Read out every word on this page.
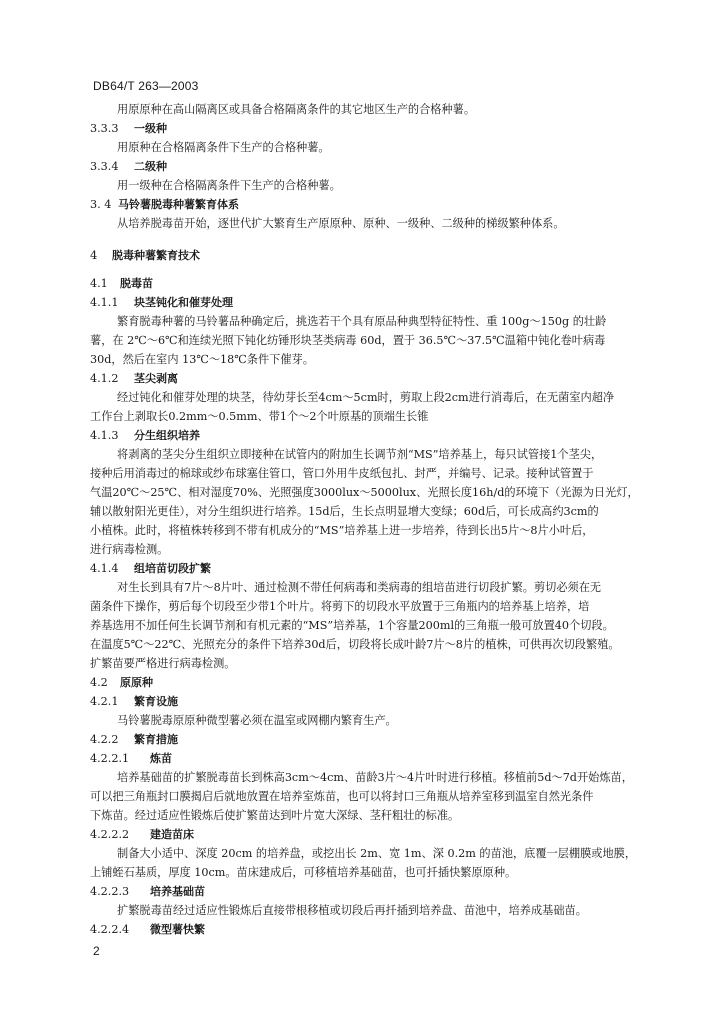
DB64/T 263—2003
用原原种在高山隔离区或具备合格隔离条件的其它地区生产的合格种薯。
3.3.3 一级种
用原种在合格隔离条件下生产的合格种薯。
3.3.4 二级种
用一级种在合格隔离条件下生产的合格种薯。
3. 4 马铃薯脱毒种薯繁育体系
从培养脱毒苗开始，逐世代扩大繁育生产原原种、原种、一级种、二级种的梯级繁种体系。
4 脱毒种薯繁育技术
4.1 脱毒苗
4.1.1 块茎钝化和催芽处理
繁育脱毒种薯的马铃薯品种确定后，挑选若干个具有原品种典型特征特性、重 100g～150g 的壮龄
薯，在 2℃～6℃和连续光照下钝化纺锤形块茎类病毒 60d，置于 36.5℃～37.5℃温箱中钝化卷叶病毒
30d，然后在室内 13℃～18℃条件下催芽。
4.1.2 茎尖剥离
经过钝化和催芽处理的块茎，待幼芽长至4cm～5cm时，剪取上段2cm进行消毒后，在无菌室内超净
工作台上剥取长0.2mm～0.5mm、带1个～2个叶原基的顶端生长锥
4.1.3 分生组织培养
将剥离的茎尖分生组织立即接种在试管内的附加生长调节剂“MS”培养基上，每只试管接1个茎尖，
接种后用消毒过的棉球或纱布球塞住管口，管口外用牛皮纸包扎、封严，并编号、记录。接种试管置于
气温20℃～25℃、相对湿度70%、光照强度3000lux～5000lux、光照长度16h/d的环境下（光源为日光灯，
辅以散射阳光更佳），对分生组织进行培养。15d后，生长点明显增大变绿；60d后，可长成高约3cm的
小植株。此时，将植株转移到不带有机成分的“MS”培养基上进一步培养，待到长出5片～8片小叶后，
进行病毒检测。
4.1.4 组培苗切段扩繁
对生长到具有7片～8片叶、通过检测不带任何病毒和类病毒的组培苗进行切段扩繁。剪切必须在无
菌条件下操作，剪后每个切段至少带1个叶片。将剪下的切段水平放置于三角瓶内的培养基上培养，培
养基选用不加任何生长调节剂和有机元素的“MS”培养基，1个容量200ml的三角瓶一般可放置40个切段。
在温度5℃～22℃、光照充分的条件下培养30d后，切段将长成叶龄7片～8片的植株，可供再次切段繁殖。
扩繁苗要严格进行病毒检测。
4.2 原原种
4.2.1 繁育设施
马铃薯脱毒原原种微型薯必须在温室或网棚内繁育生产。
4.2.2 繁育措施
4.2.2.1 炼苗
培养基础苗的扩繁脱毒苗长到株高3cm～4cm、苗龄3片～4片叶时进行移植。移植前5d～7d开始炼苗，
可以把三角瓶封口膜揭启后就地放置在培养室炼苗，也可以将封口三角瓶从培养室移到温室自然光条件
下炼苗。经过适应性锻炼后使扩繁苗达到叶片宽大深绿、茎秆粗壮的标准。
4.2.2.2 建造苗床
制备大小适中、深度 20cm 的培养盘，或挖出长 2m、宽 1m、深 0.2m 的苗池，底覆一层棚膜或地膜，
上铺蛭石基质，厚度 10cm。苗床建成后，可移植培养基础苗，也可扦插快繁原原种。
4.2.2.3 培养基础苗
扩繁脱毒苗经过适应性锻炼后直接带根移植或切段后再扦插到培养盘、苗池中，培养成基础苗。
4.2.2.4 微型薯快繁
2
